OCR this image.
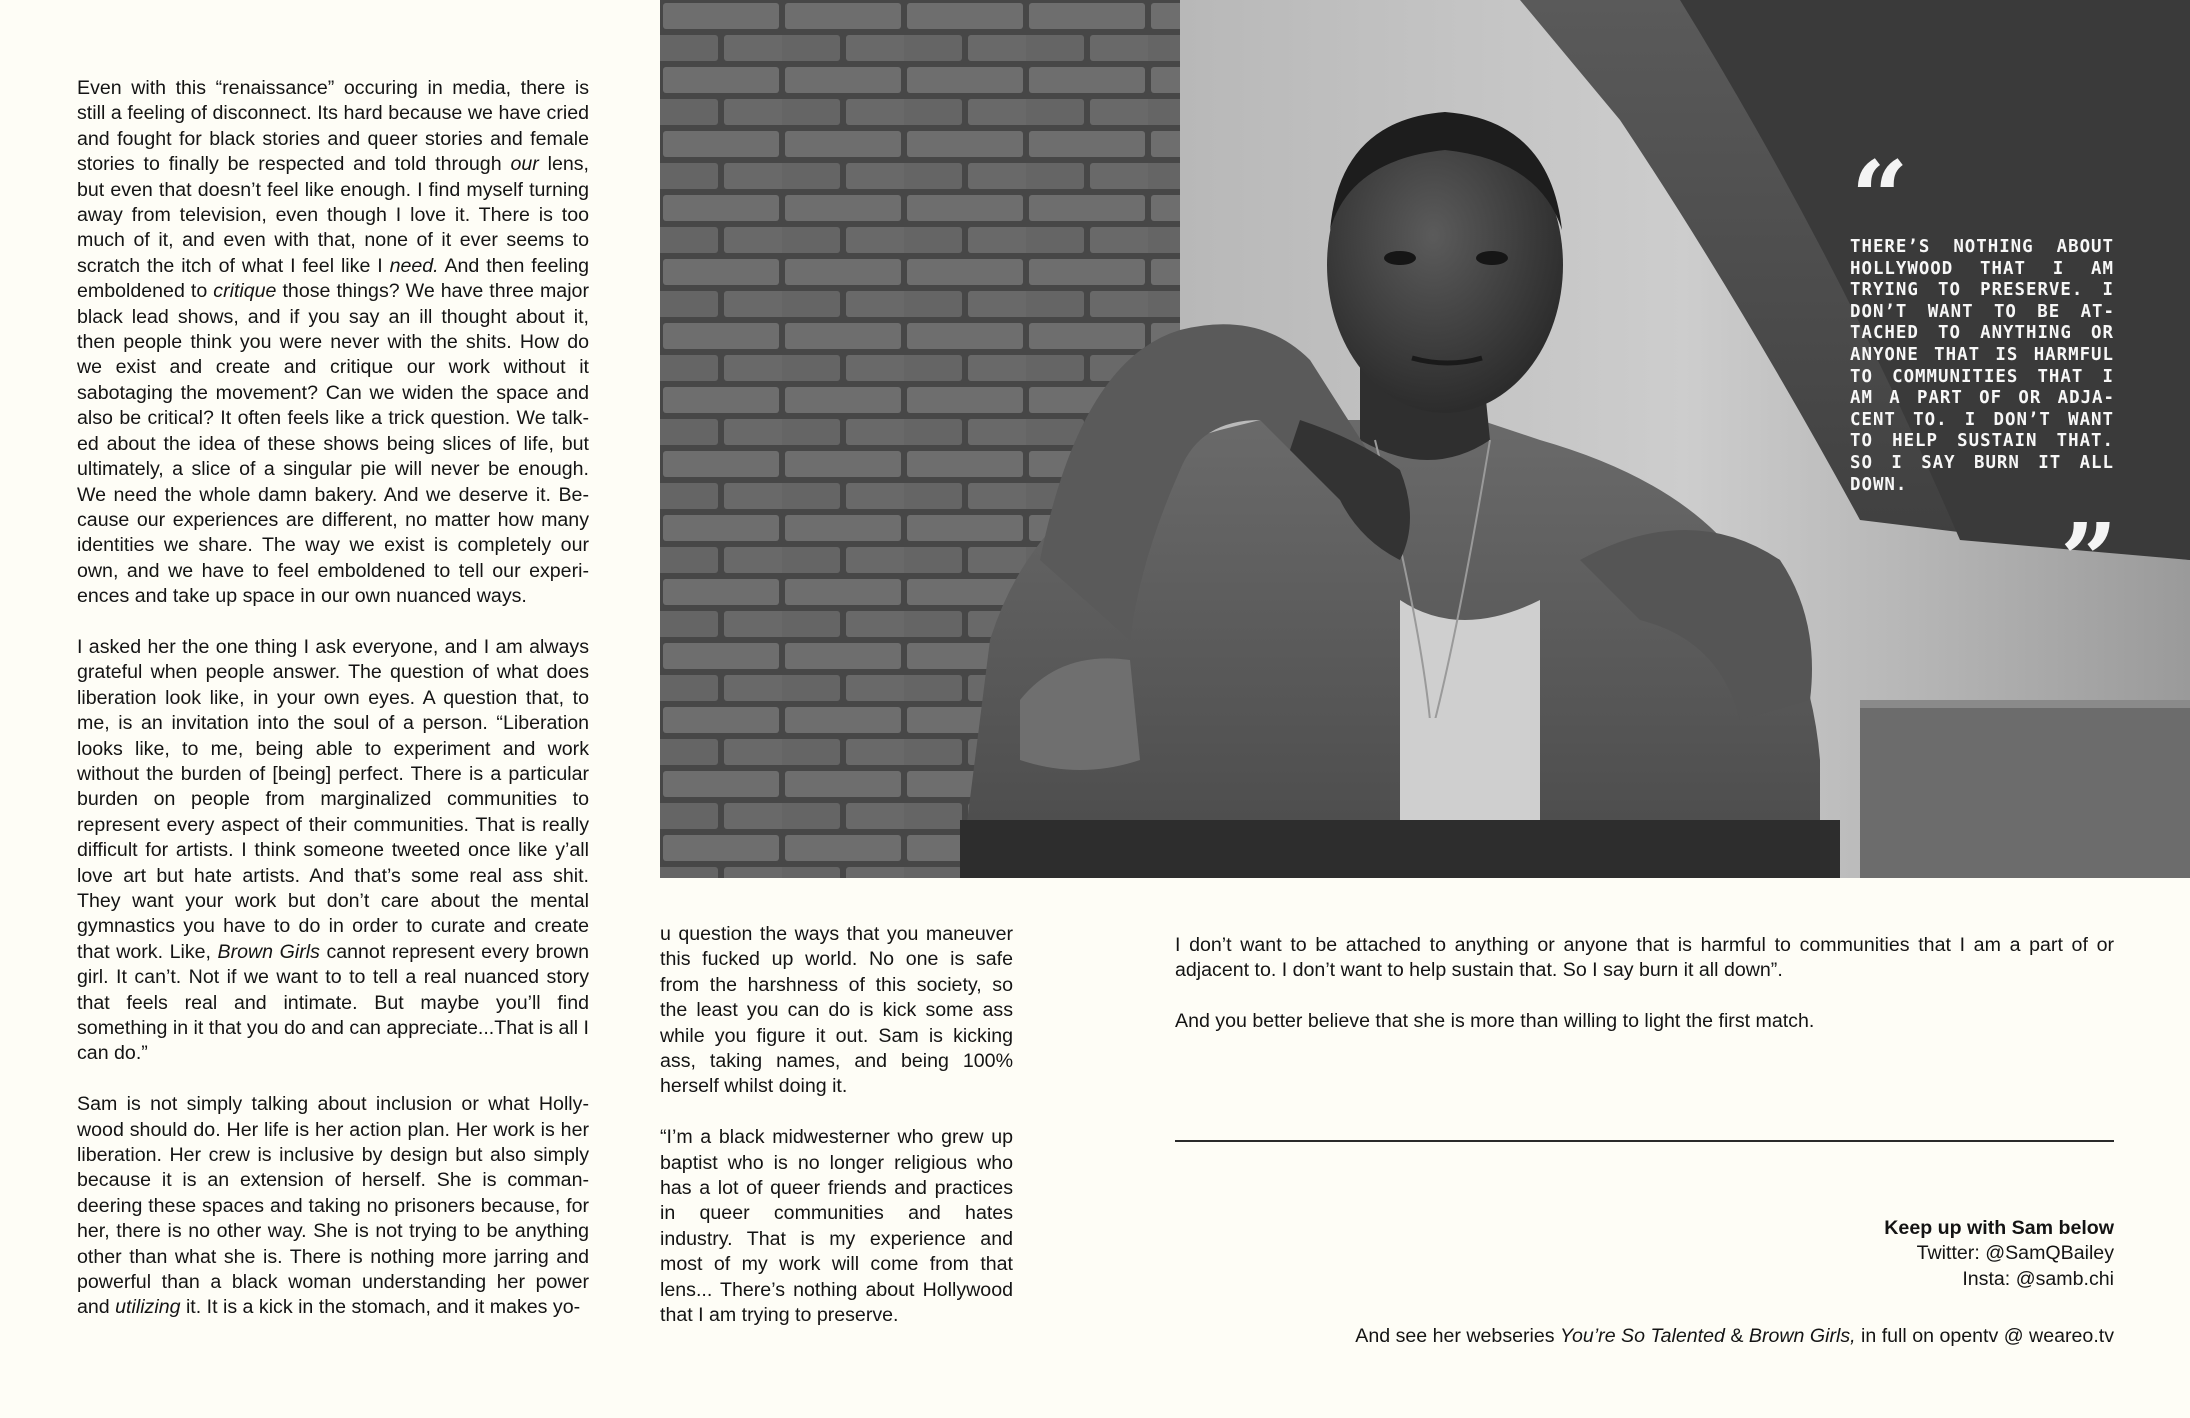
Even with this “renaissance” occuring in media, there is still a feeling of disconnect. Its hard because we have cried and fought for black stories and queer stories and female stories to finally be respected and told through our lens, but even that doesn’t feel like enough. I find myself turning away from television, even though I love it. There is too much of it, and even with that, none of it ever seems to scratch the itch of what I feel like I need. And then feeling emboldened to critique those things? We have three major black lead shows, and if you say an ill thought about it, then people think you were never with the shits. How do we exist and create and critique our work without it sabotaging the movement? Can we widen the space and also be critical? It often feels like a trick question. We talked about the idea of these shows being slices of life, but ultimately, a slice of a singular pie will never be enough. We need the whole damn bakery. And we deserve it. Because our experiences are different, no matter how many identities we share. The way we exist is completely our own, and we have to feel emboldened to tell our experiences and take up space in our own nuanced ways.

I asked her the one thing I ask everyone, and I am always grateful when people answer. The question of what does liberation look like, in your own eyes. A question that, to me, is an invitation into the soul of a person. “Liberation looks like, to me, being able to experiment and work without the burden of [being] perfect. There is a particular burden on people from marginalized communities to represent every aspect of their communities. That is really difficult for artists. I think someone tweeted once like y’all love art but hate artists. And that’s some real ass shit. They want your work but don’t care about the mental gymnastics you have to do in order to curate and create that work. Like, Brown Girls cannot represent every brown girl. It can’t. Not if we want to to tell a real nuanced story that feels real and intimate. But maybe you’ll find something in it that you do and can appreciate...That is all I can do.”

Sam is not simply talking about inclusion or what Hollywood should do. Her life is her action plan. Her work is her liberation. Her crew is inclusive by design but also simply because it is an extension of herself. She is commandeering these spaces and taking no prisoners because, for her, there is no other way. She is not trying to be anything other than what she is. There is nothing more jarring and powerful than a black woman understanding her power and utilizing it. It is a kick in the stomach, and it makes yo-

“
THERE’S NOTHING ABOUT HOLLYWOOD THAT I AM TRYING TO PRESERVE. I DON’T WANT TO BE ATTACHED TO ANYTHING OR ANYONE THAT IS HARMFUL TO COMMUNITIES THAT I AM A PART OF OR ADJACENT TO. I DON’T WANT TO HELP SUSTAIN THAT. SO I SAY BURN IT ALL DOWN.
”

u question the ways that you maneuver this fucked up world. No one is safe from the harshness of this society, so the least you can do is kick some ass while you figure it out. Sam is kicking ass, taking names, and being 100% herself whilst doing it.

“I’m a black midwesterner who grew up baptist who is no longer religious who has a lot of queer friends and practices in queer communities and hates industry. That is my experience and most of my work will come from that lens... There’s nothing about Hollywood that I am trying to preserve.

I don’t want to be attached to anything or anyone that is harmful to communities that I am a part of or adjacent to. I don’t want to help sustain that. So I say burn it all down”.

And you better believe that she is more than willing to light the first match.

Keep up with Sam below
Twitter: @SamQBailey
Insta: @samb.chi
And see her webseries You’re So Talented & Brown Girls, in full on opentv @ weareo.tv
